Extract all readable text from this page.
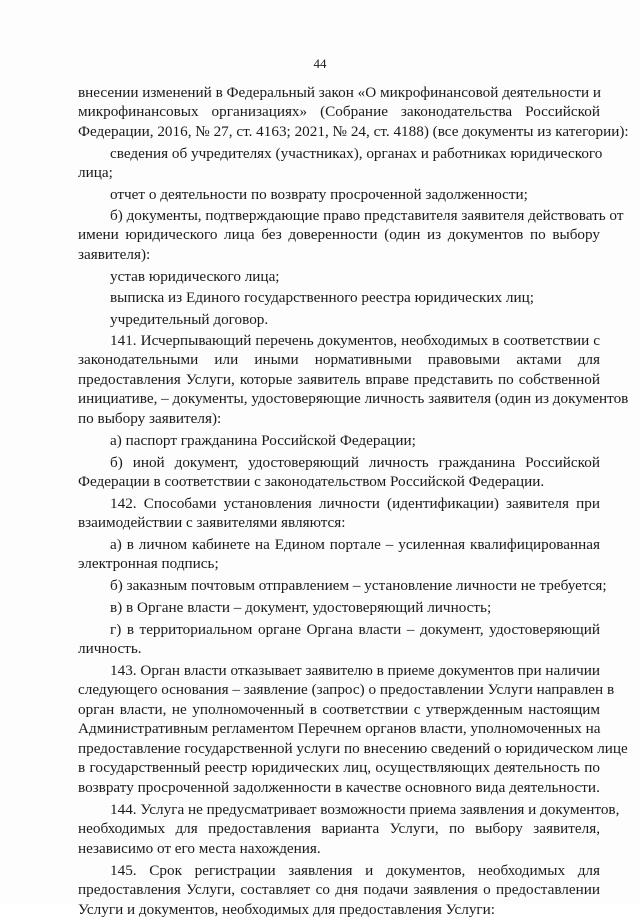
44
внесении изменений в Федеральный закон «О микрофинансовой деятельности и
микрофинансовых организациях» (Собрание законодательства Российской
Федерации, 2016, № 27, ст. 4163; 2021, № 24, ст. 4188) (все документы из категории):
сведения об учредителях (участниках), органах и работниках юридического
лица;
отчет о деятельности по возврату просроченной задолженности;
б) документы, подтверждающие право представителя заявителя действовать от
имени юридического лица без доверенности (один из документов по выбору
заявителя):
устав юридического лица;
выписка из Единого государственного реестра юридических лиц;
учредительный договор.
141. Исчерпывающий перечень документов, необходимых в соответствии с
законодательными или иными нормативными правовыми актами для
предоставления Услуги, которые заявитель вправе представить по собственной
инициативе, – документы, удостоверяющие личность заявителя (один из документов
по выбору заявителя):
а) паспорт гражданина Российской Федерации;
б) иной документ, удостоверяющий личность гражданина Российской
Федерации в соответствии с законодательством Российской Федерации.
142. Способами установления личности (идентификации) заявителя при
взаимодействии с заявителями являются:
а) в личном кабинете на Едином портале – усиленная квалифицированная
электронная подпись;
б) заказным почтовым отправлением – установление личности не требуется;
в) в Органе власти – документ, удостоверяющий личность;
г) в территориальном органе Органа власти – документ, удостоверяющий
личность.
143. Орган власти отказывает заявителю в приеме документов при наличии
следующего основания – заявление (запрос) о предоставлении Услуги направлен в
орган власти, не уполномоченный в соответствии с утвержденным настоящим
Административным регламентом Перечнем органов власти, уполномоченных на
предоставление государственной услуги по внесению сведений о юридическом лице
в государственный реестр юридических лиц, осуществляющих деятельность по
возврату просроченной задолженности в качестве основного вида деятельности.
144. Услуга не предусматривает возможности приема заявления и документов,
необходимых для предоставления варианта Услуги, по выбору заявителя,
независимо от его места нахождения.
145. Срок регистрации заявления и документов, необходимых для
предоставления Услуги, составляет со дня подачи заявления о предоставлении
Услуги и документов, необходимых для предоставления Услуги:
